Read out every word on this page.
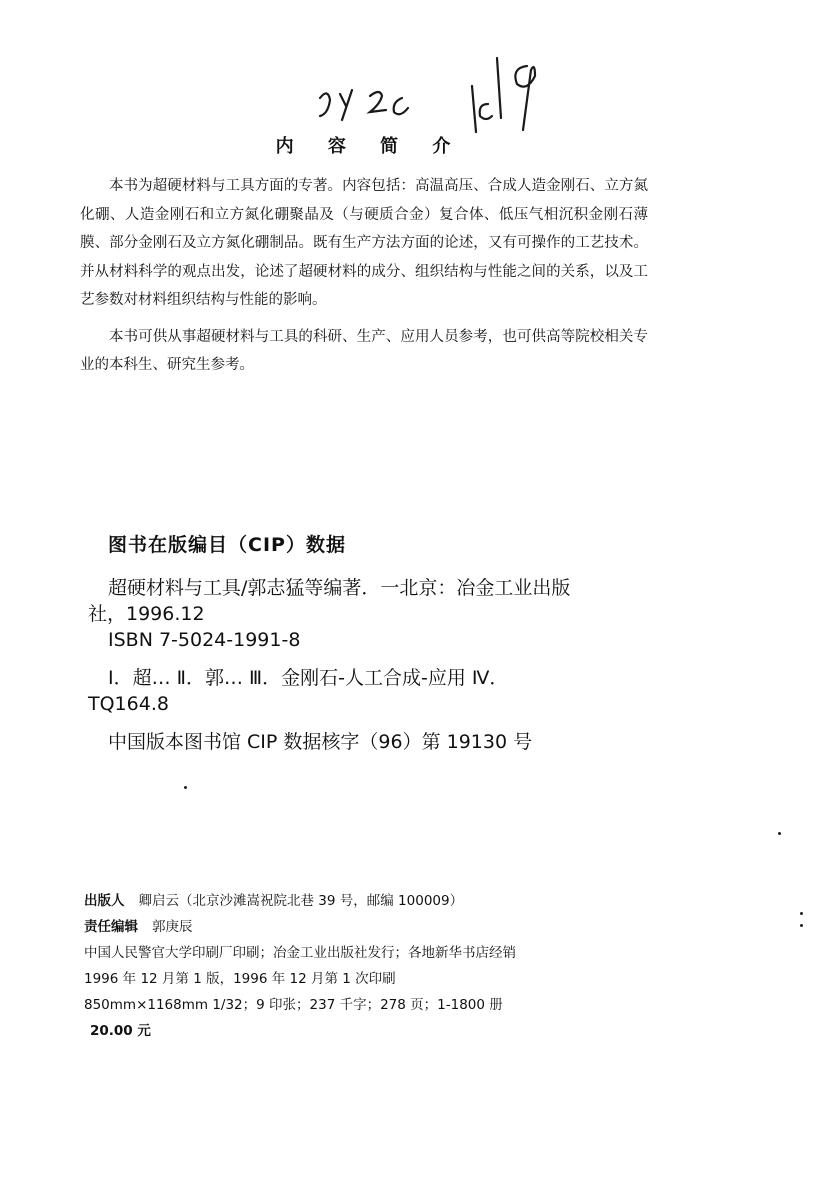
内 容 简 介

本书为超硬材料与工具方面的专著。内容包括：高温高压、合成人造金刚石、立方氮化硼、人造金刚石和立方氮化硼聚晶及（与硬质合金）复合体、低压气相沉积金刚石薄膜、部分金刚石及立方氮化硼制品。既有生产方法方面的论述，又有可操作的工艺技术。并从材料科学的观点出发，论述了超硬材料的成分、组织结构与性能之间的关系，以及工艺参数对材料组织结构与性能的影响。

本书可供从事超硬材料与工具的科研、生产、应用人员参考，也可供高等院校相关专业的本科生、研究生参考。

图书在版编目（CIP）数据
超硬材料与工具/郭志猛等编著．一北京：冶金工业出版
社，1996.12
ISBN 7-5024-1991-8
Ⅰ．超… Ⅱ．郭… Ⅲ．金刚石-人工合成-应用 Ⅳ．
TQ164.8
中国版本图书馆 CIP 数据核字（96）第 19130 号
出版人 卿启云（北京沙滩嵩祝院北巷 39 号，邮编 100009）
责任编辑 郭庚辰
中国人民警官大学印刷厂印刷；冶金工业出版社发行；各地新华书店经销
1996 年 12 月第 1 版，1996 年 12 月第 1 次印刷
850mm×1168mm 1/32；9 印张；237 千字；278 页；1-1800 册
20.00 元
